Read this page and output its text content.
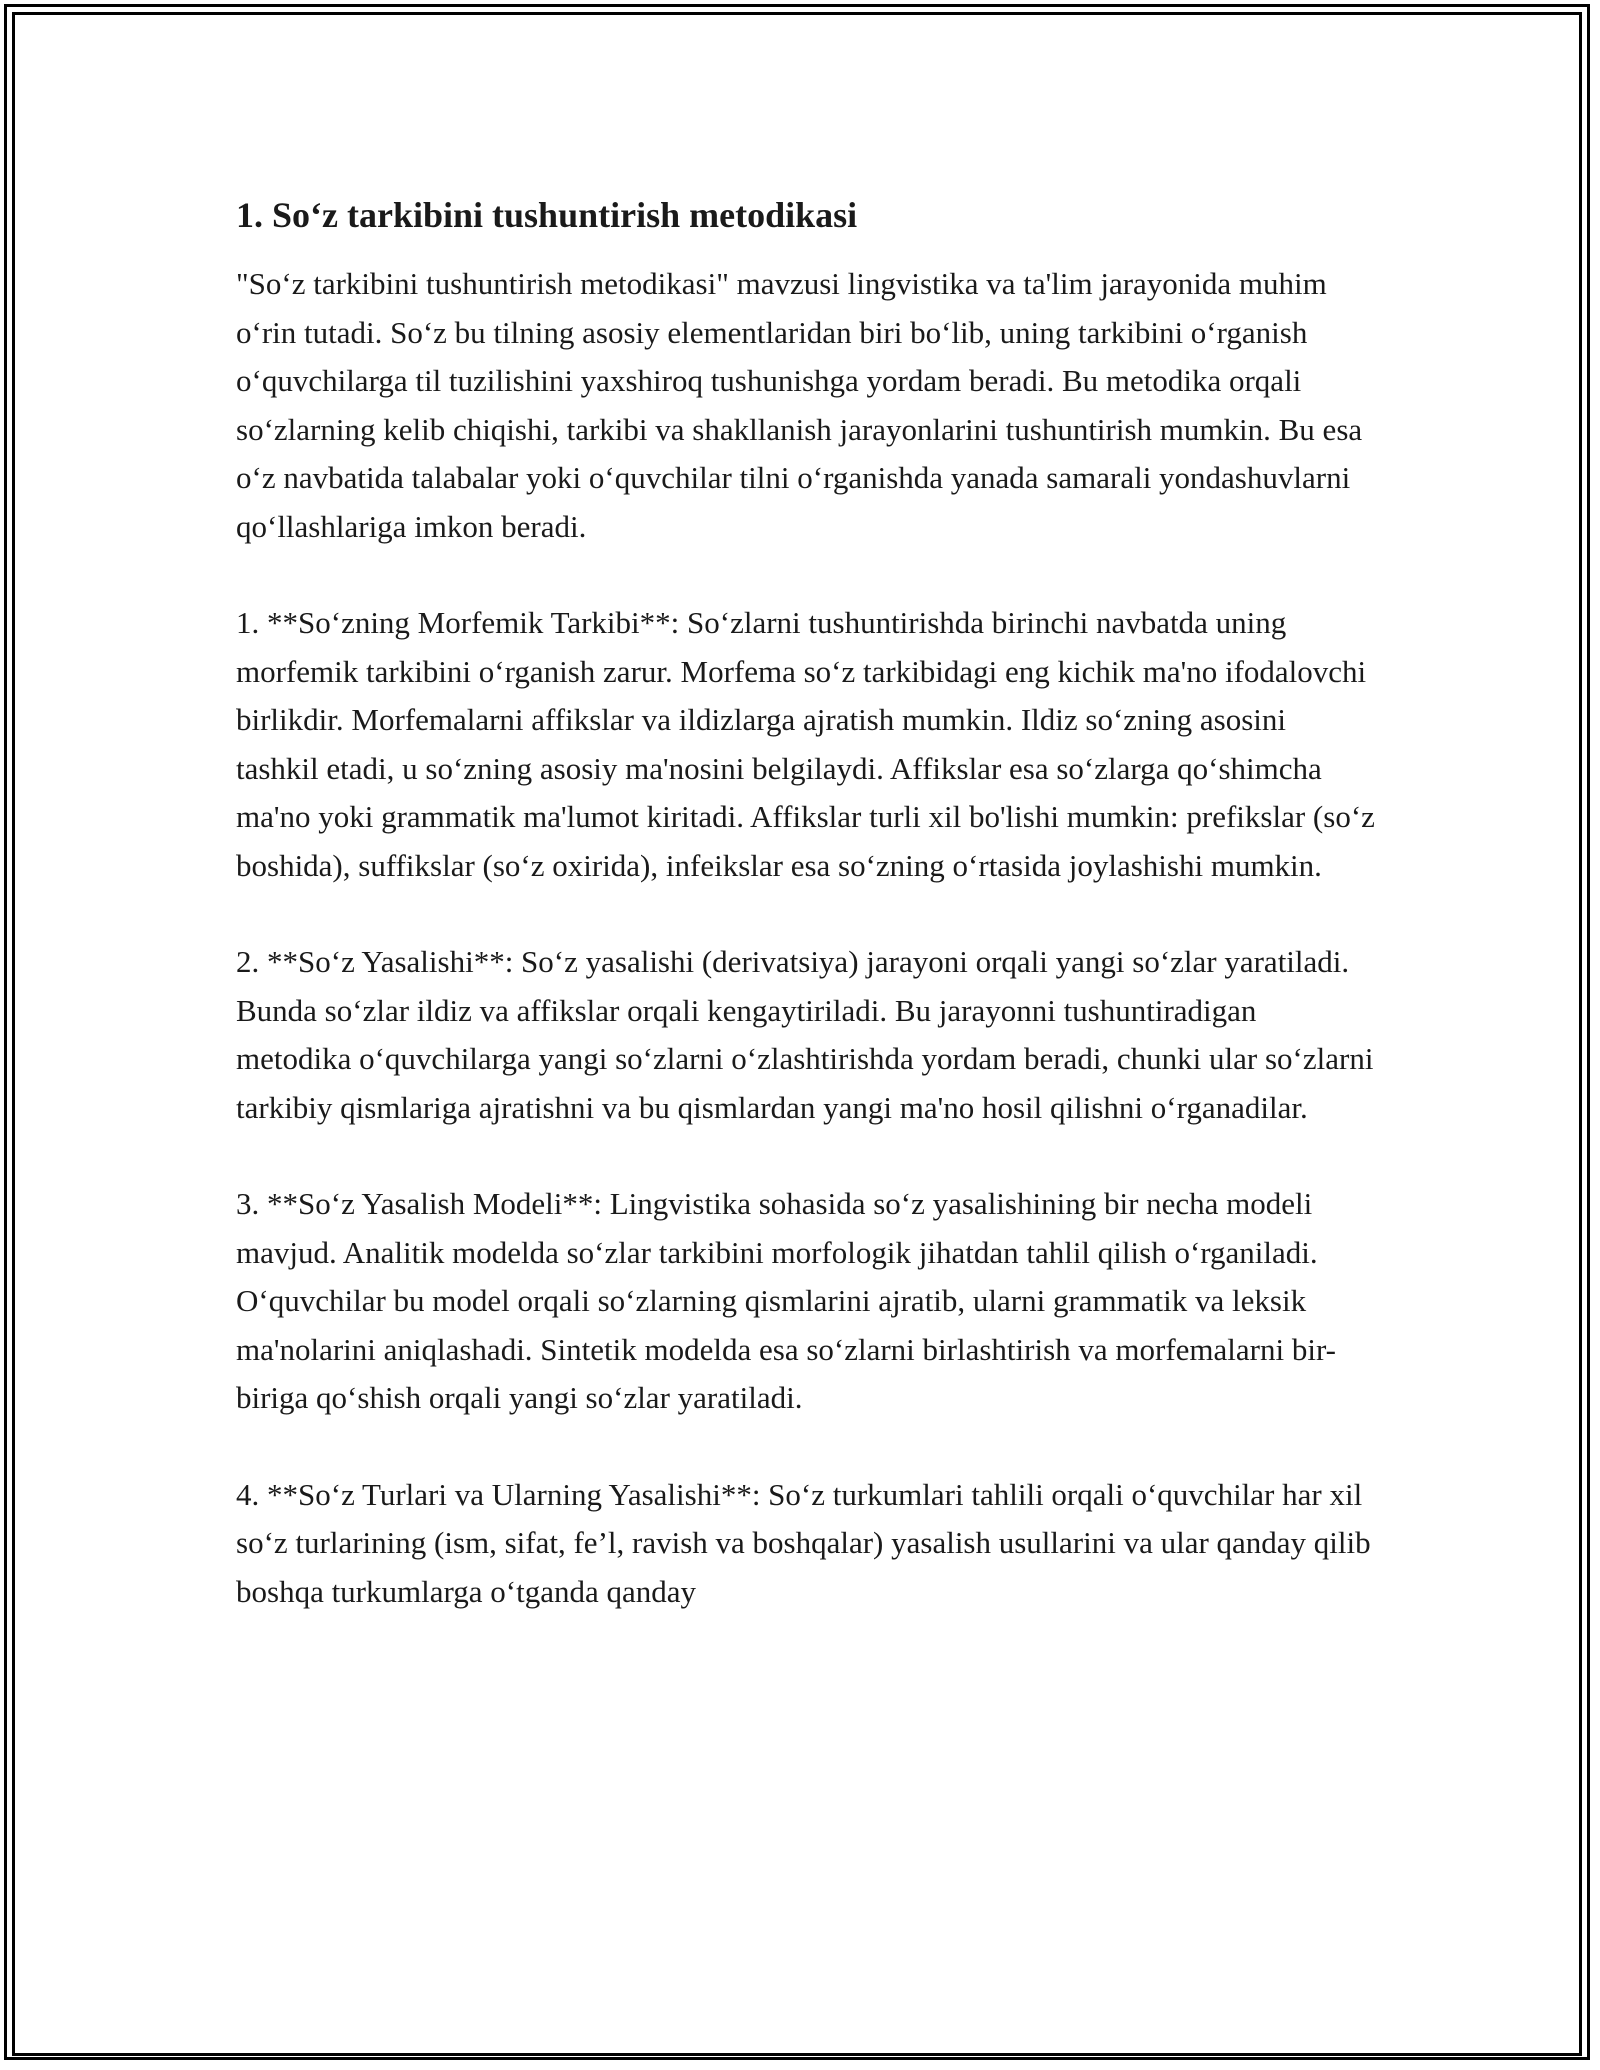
1. So‘z tarkibini tushuntirish metodikasi

"So‘z tarkibini tushuntirish metodikasi" mavzusi lingvistika va ta'lim jarayonida muhim o‘rin tutadi. So‘z bu tilning asosiy elementlaridan biri bo‘lib, uning tarkibini o‘rganish o‘quvchilarga til tuzilishini yaxshiroq tushunishga yordam beradi. Bu metodika orqali so‘zlarning kelib chiqishi, tarkibi va shakllanish jarayonlarini tushuntirish mumkin. Bu esa o‘z navbatida talabalar yoki o‘quvchilar tilni o‘rganishda yanada samarali yondashuvlarni qo‘llashlariga imkon beradi.

1. **So‘zning Morfemik Tarkibi**: So‘zlarni tushuntirishda birinchi navbatda uning morfemik tarkibini o‘rganish zarur. Morfema so‘z tarkibidagi eng kichik ma'no ifodalovchi birlikdir. Morfemalarni affikslar va ildizlarga ajratish mumkin. Ildiz so‘zning asosini tashkil etadi, u so‘zning asosiy ma'nosini belgilaydi. Affikslar esa so‘zlarga qo‘shimcha ma'no yoki grammatik ma'lumot kiritadi. Affikslar turli xil bo'lishi mumkin: prefikslar (so‘z boshida), suffikslar (so‘z oxirida), infeikslar esa so‘zning o‘rtasida joylashishi mumkin.

2. **So‘z Yasalishi**: So‘z yasalishi (derivatsiya) jarayoni orqali yangi so‘zlar yaratiladi. Bunda so‘zlar ildiz va affikslar orqali kengaytiriladi. Bu jarayonni tushuntiradigan metodika o‘quvchilarga yangi so‘zlarni o‘zlashtirishda yordam beradi, chunki ular so‘zlarni tarkibiy qismlariga ajratishni va bu qismlardan yangi ma'no hosil qilishni o‘rganadilar.

3. **So‘z Yasalish Modeli**: Lingvistika sohasida so‘z yasalishining bir necha modeli mavjud. Analitik modelda so‘zlar tarkibini morfologik jihatdan tahlil qilish o‘rganiladi. O‘quvchilar bu model orqali so‘zlarning qismlarini ajratib, ularni grammatik va leksik ma'nolarini aniqlashadi. Sintetik modelda esa so‘zlarni birlashtirish va morfemalarni bir-biriga qo‘shish orqali yangi so‘zlar yaratiladi.

4. **So‘z Turlari va Ularning Yasalishi**: So‘z turkumlari tahlili orqali o‘quvchilar har xil so‘z turlarining (ism, sifat, fe’l, ravish va boshqalar) yasalish usullarini va ular qanday qilib boshqa turkumlarga o‘tganda qanday
